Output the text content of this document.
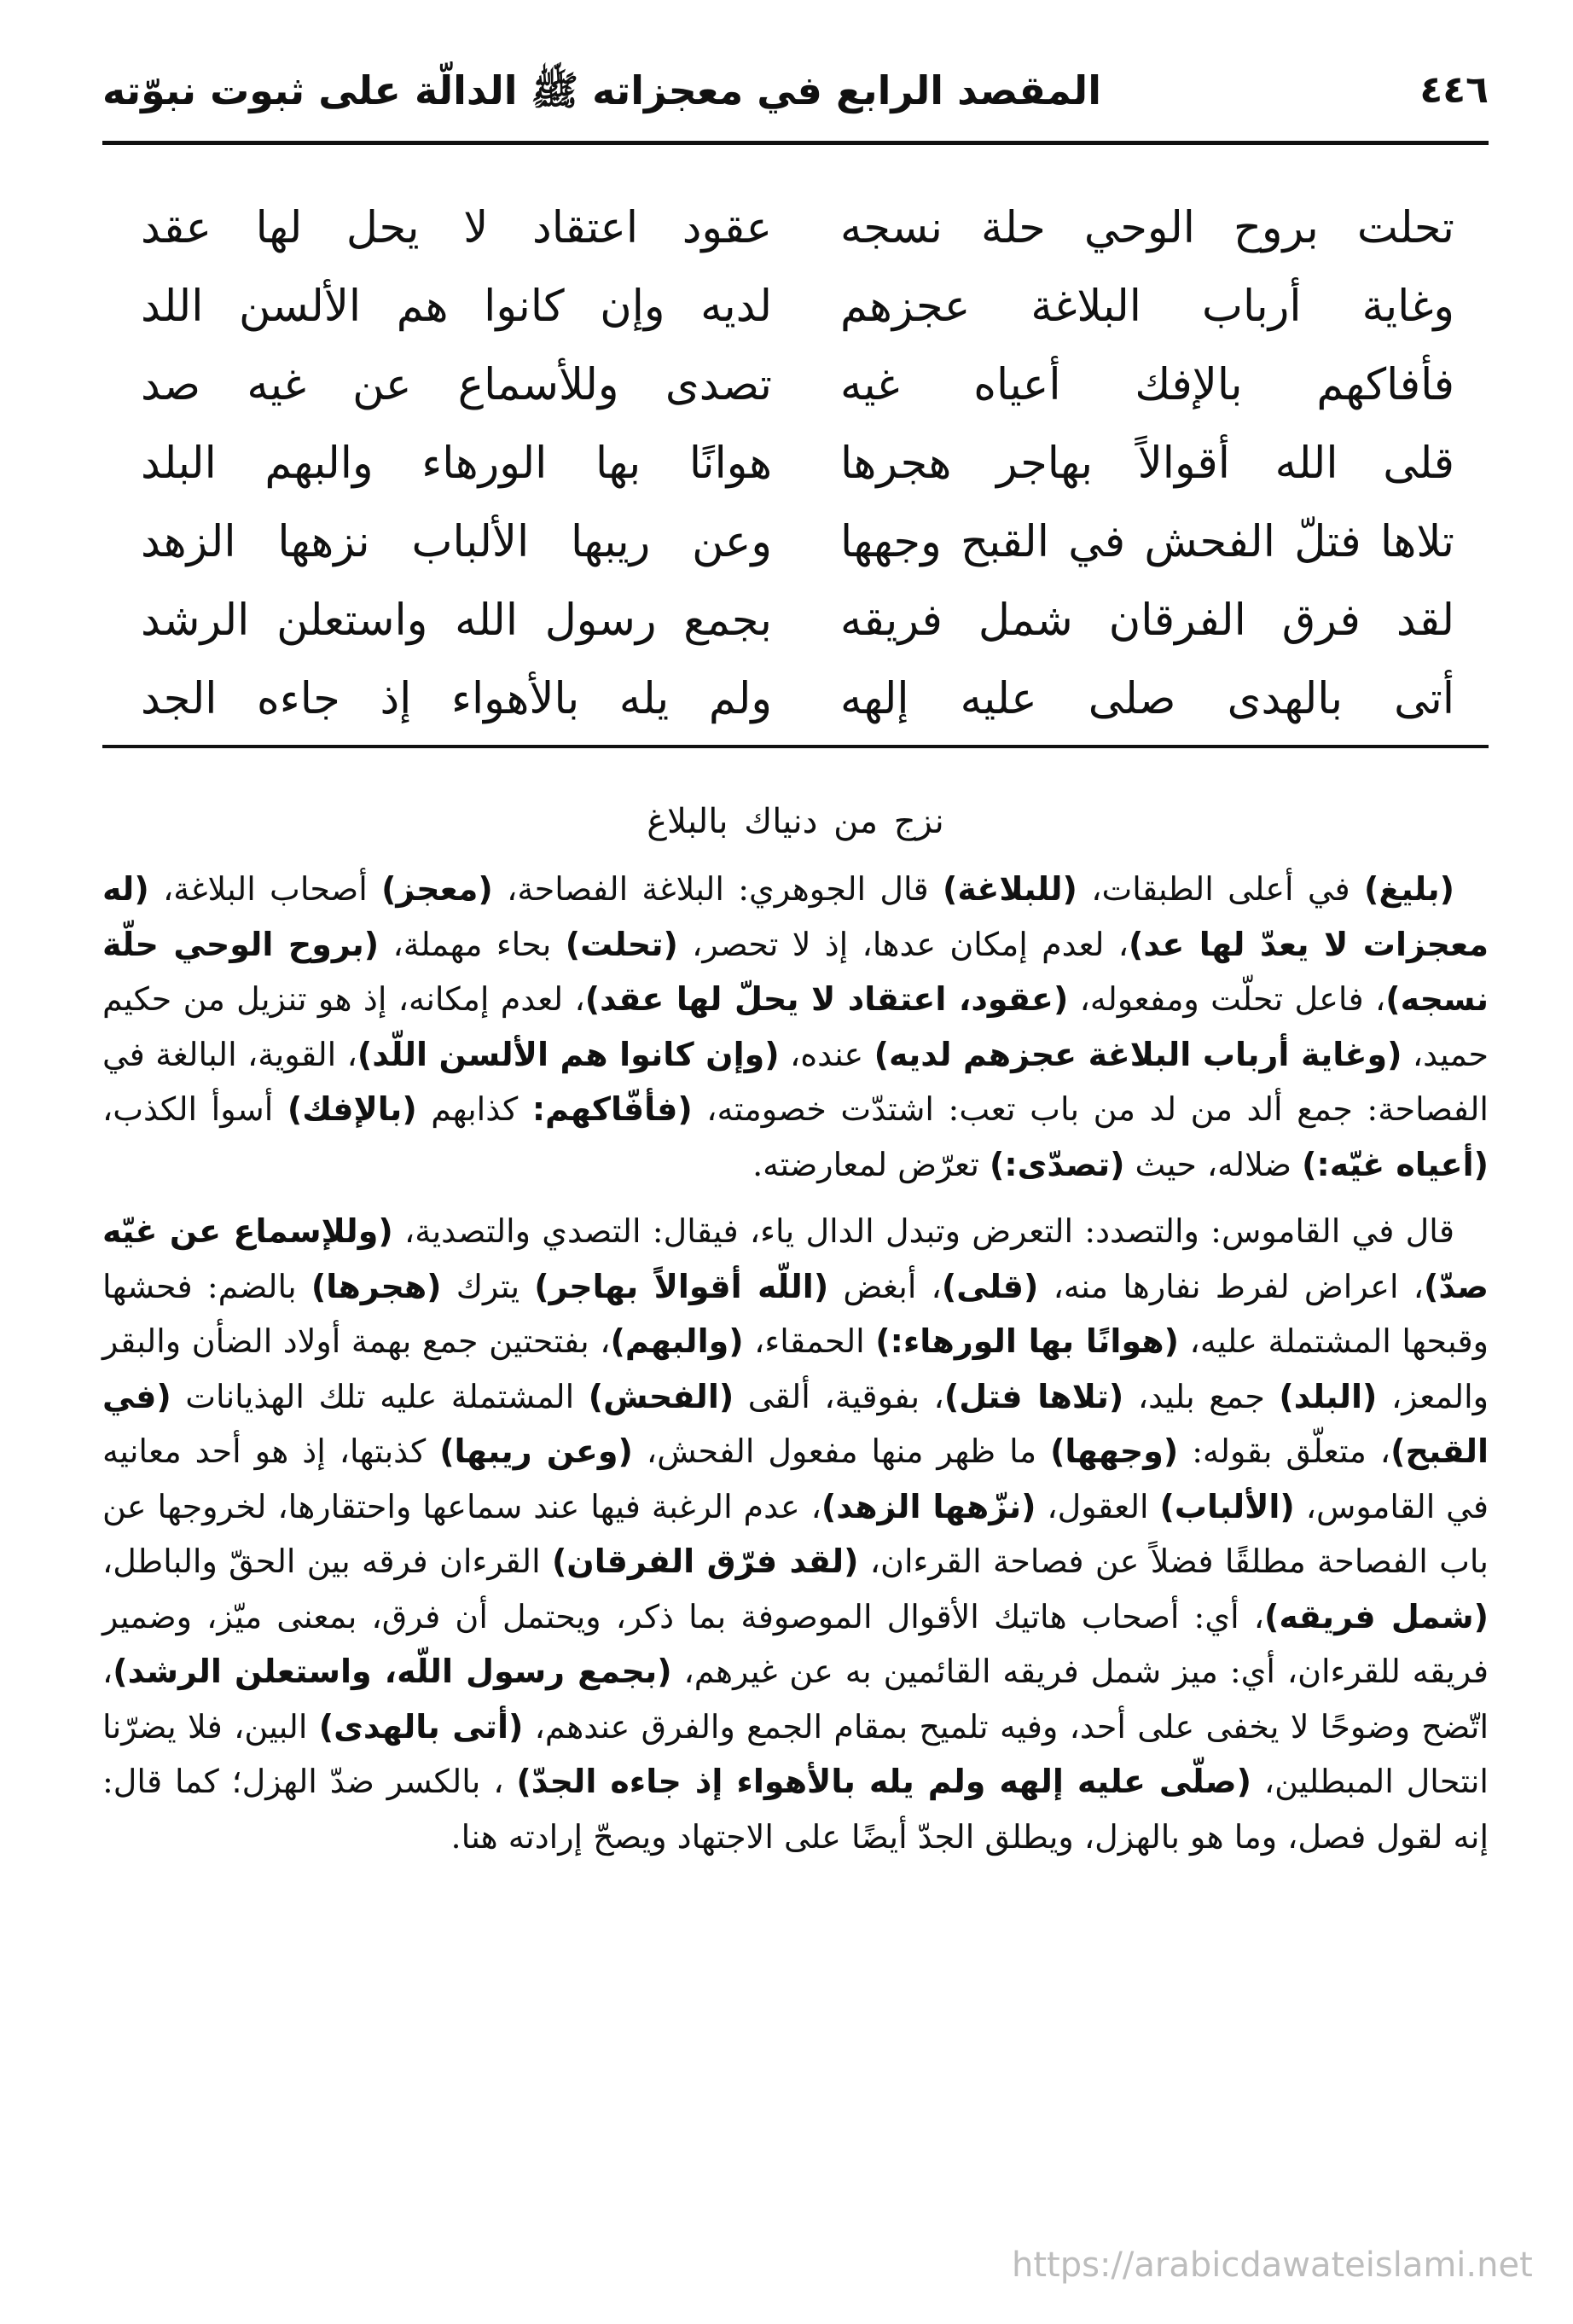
٤٤٦
المقصد الرابع في معجزاته ﷺ الدالّة على ثبوت نبوّته
تحلت بروح الوحي حلة نسجه
عقود اعتقاد لا يحل لها عقد
وغاية أرباب البلاغة عجزهم
لديه وإن كانوا هم الألسن اللد
فأفاكهم بالإفك أعياه غيه
تصدى وللأسماع عن غيه صد
قلى الله أقوالاً بهاجر هجرها
هوانًا بها الورهاء والبهم البلد
تلاها فتلّ الفحش في القبح وجهها
وعن ريبها الألباب نزهها الزهد
لقد فرق الفرقان شمل فريقه
بجمع رسول الله واستعلن الرشد
أتى بالهدى صلى عليه إلهه
ولم يله بالأهواء إذ جاءه الجد
نزج من دنياك بالبلاغ

(بليغ) في أعلى الطبقات، (للبلاغة) قال الجوهري: البلاغة الفصاحة، (معجز) أصحاب البلاغة، (له معجزات لا يعدّ لها عد)، لعدم إمكان عدها، إذ لا تحصر، (تحلت) بحاء مهملة، (بروح الوحي حلّة نسجه)، فاعل تحلّت ومفعوله، (عقود، اعتقاد لا يحلّ لها عقد)، لعدم إمكانه، إذ هو تنزيل من حكيم حميد، (وغاية أرباب البلاغة عجزهم لديه) عنده، (وإن كانوا هم الألسن اللّد)، القوية، البالغة في الفصاحة: جمع ألد من لد من باب تعب: اشتدّت خصومته، (فأفّاكهم: كذابهم (بالإفك) أسوأ الكذب، (أعياه غيّه:) ضلاله، حيث (تصدّى:) تعرّض لمعارضته.

قال في القاموس: والتصدد: التعرض وتبدل الدال ياء، فيقال: التصدي والتصدية، (وللإسماع عن غيّه صدّ)، اعراض لفرط نفارها منه، (قلى)، أبغض (اللّه أقوالاً بهاجر) يترك (هجرها) بالضم: فحشها وقبحها المشتملة عليه، (هوانًا بها الورهاء:) الحمقاء، (والبهم)، بفتحتين جمع بهمة أولاد الضأن والبقر والمعز، (البلد) جمع بليد، (تلاها فتل)، بفوقية، ألقى (الفحش) المشتملة عليه تلك الهذيانات (في القبح)، متعلّق بقوله: (وجهها) ما ظهر منها مفعول الفحش، (وعن ريبها) كذبتها، إذ هو أحد معانيه في القاموس، (الألباب) العقول، (نزّهها الزهد)، عدم الرغبة فيها عند سماعها واحتقارها، لخروجها عن باب الفصاحة مطلقًا فضلاً عن فصاحة القرءان، (لقد فرّق الفرقان) القرءان فرقه بين الحقّ والباطل، (شمل فريقه)، أي: أصحاب هاتيك الأقوال الموصوفة بما ذكر، ويحتمل أن فرق، بمعنى ميّز، وضمير فريقه للقرءان، أي: ميز شمل فريقه القائمين به عن غيرهم، (بجمع رسول اللّه، واستعلن الرشد)، اتّضح وضوحًا لا يخفى على أحد، وفيه تلميح بمقام الجمع والفرق عندهم، (أتى بالهدى) البين، فلا يضرّنا انتحال المبطلين، (صلّى عليه إلهه ولم يله بالأهواء إذ جاءه الجدّ) ، بالكسر ضدّ الهزل؛ كما قال: إنه لقول فصل، وما هو بالهزل، ويطلق الجدّ أيضًا على الاجتهاد ويصحّ إرادته هنا.

https://arabicdawateislami.net
